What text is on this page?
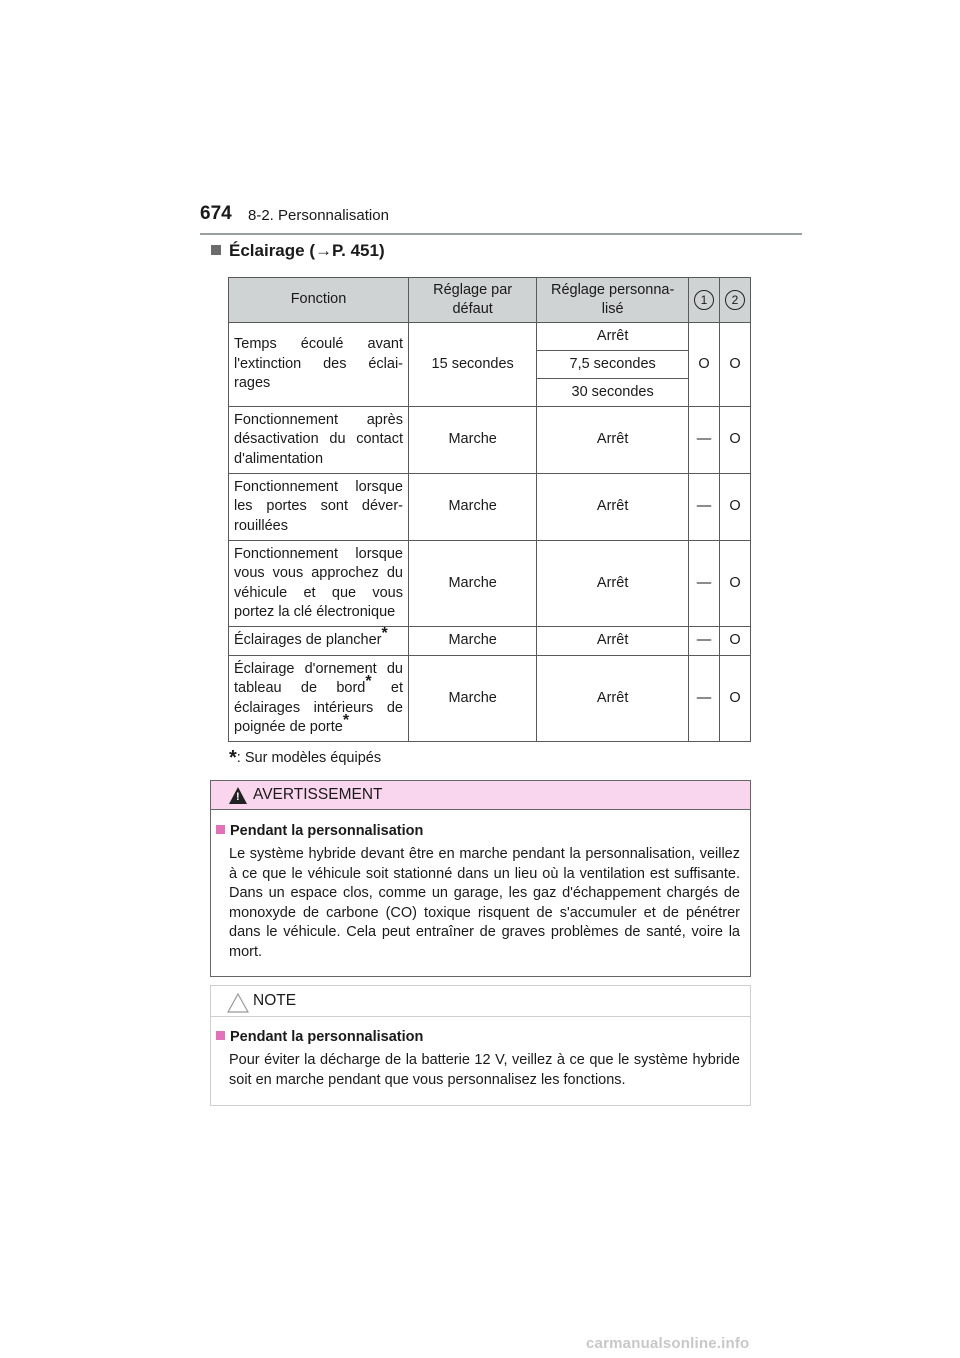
674 8-2. Personnalisation
Éclairage (→P. 451)
Fonction	Réglage par défaut	Réglage personna-lisé	1	2
Temps écoulé avant l'extinction des éclai-rages	15 secondes	Arrêt	O	O
		7,5 secondes		
		30 secondes		
Fonctionnement après désactivation du contact d'alimentation	Marche	Arrêt	—	O
Fonctionnement lorsque les portes sont déver-rouillées	Marche	Arrêt	—	O
Fonctionnement lorsque vous vous approchez du véhicule et que vous portez la clé électronique	Marche	Arrêt	—	O
Éclairages de plancher*	Marche	Arrêt	—	O
Éclairage d'ornement du tableau de bord* et éclairages intérieurs de poignée de porte*	Marche	Arrêt	—	O
*: Sur modèles équipés
! AVERTISSEMENT
Pendant la personnalisation
Le système hybride devant être en marche pendant la personnalisation, veillez à ce que le véhicule soit stationné dans un lieu où la ventilation est suffisante. Dans un espace clos, comme un garage, les gaz d'échappement chargés de monoxyde de carbone (CO) toxique risquent de s'accumuler et de pénétrer dans le véhicule. Cela peut entraîner de graves problèmes de santé, voire la mort.
NOTE
Pendant la personnalisation
Pour éviter la décharge de la batterie 12 V, veillez à ce que le système hybride soit en marche pendant que vous personnalisez les fonctions.
carmanualsonline.info
